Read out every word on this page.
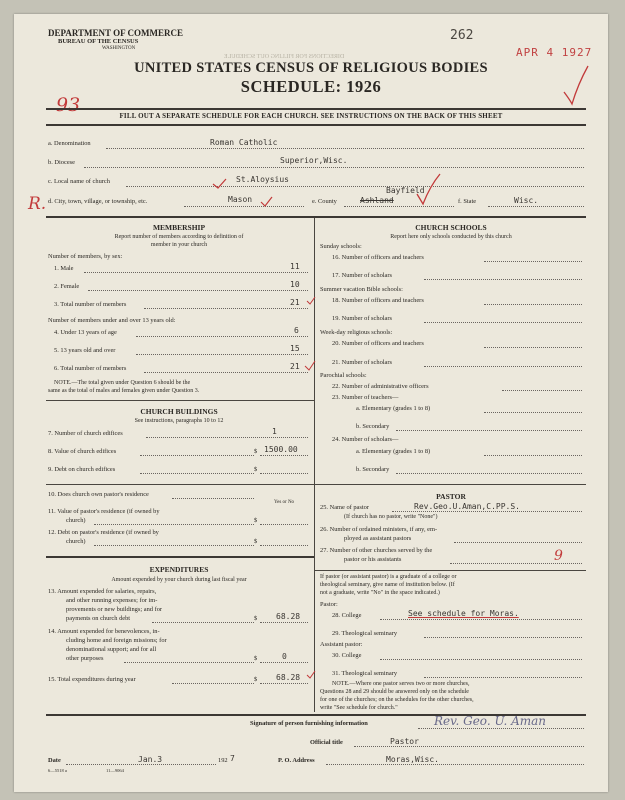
DIRECTIONS FOR FILLING OUT SCHEDULE
DEPARTMENT OF COMMERCE
BUREAU OF THE CENSUS
WASHINGTON
262
APR 4 1927
UNITED STATES CENSUS OF RELIGIOUS BODIES
SCHEDULE: 1926
93	FILL OUT A SEPARATE SCHEDULE FOR EACH CHURCH. SEE INSTRUCTIONS ON THE BACK OF THIS SHEET
a. Denomination	Roman Catholic
b. Diocese	Superior,Wisc.
c. Local name of church	St.Aloysius
R. d. City, town, village, or township, etc.	Mason	e. County	Ashland
Bayfield
f. State	Wisc.
MEMBERSHIP
Report number of members according to definition of
member in your church
Number of members, by sex:
1. Male	11
2. Female	10
3. Total number of members	21
Number of members under and over 13 years old:
4. Under 13 years of age	6
5. 13 years old and over	15
6. Total number of members	21
NOTE.—The total given under Question 6 should be the
same as the total of males and females given under Question 3.
CHURCH BUILDINGS
See instructions, paragraphs 10 to 12
7. Number of church edifices	1
8. Value of church edifices	$ 1500.00
9. Debt on church edifices	$
10. Does church own pastor's residence
Yes or No
11. Value of pastor's residence (if owned by
church)	$
12. Debt on pastor's residence (if owned by
church)	$
EXPENDITURES
Amount expended by your church during last fiscal year
13. Amount expended for salaries, repairs,
and other running expenses; for im-
provements or new buildings; and for
payments on church debt	$ 68.28
14. Amount expended for benevolences, in-
cluding home and foreign missions; for
denominational support; and for all
other purposes	$	0
15. Total expenditures during year	$ 68.28
CHURCH SCHOOLS
Report here only schools conducted by this church
Sunday schools:
16. Number of officers and teachers
17. Number of scholars
Summer vacation Bible schools:
18. Number of officers and teachers
19. Number of scholars
Week-day religious schools:
20. Number of officers and teachers
21. Number of scholars
Parochial schools:
22. Number of administrative officers
23. Number of teachers—
a. Elementary (grades 1 to 8)
b. Secondary
24. Number of scholars—
a. Elementary (grades 1 to 8)
b. Secondary
PASTOR
25. Name of pastor	Rev.Geo.U.Aman,C.PP.S.
(If church has no pastor, write "None")
26. Number of ordained ministers, if any, em-
ployed as assistant pastors
27. Number of other churches served by the
pastor or his assistants	9
If pastor (or assistant pastor) is a graduate of a college or
theological seminary, give name of institution below. (If
not a graduate, write "No" in the space indicated.)
Pastor:
28. College	See schedule for Moras.
29. Theological seminary
Assistant pastor:
30. College
31. Theological seminary
NOTE.—Where one pastor serves two or more churches,
Questions 28 and 29 should be answered only on the schedule
for one of the churches; on the schedules for the other churches,
write "See schedule for church."
Signature of person furnishing information	Rev. Geo. U. Aman
Official title	Pastor
Date	Jan.3	192 7	P. O. Address	Moras,Wisc.
6—5518 a	11—9064
